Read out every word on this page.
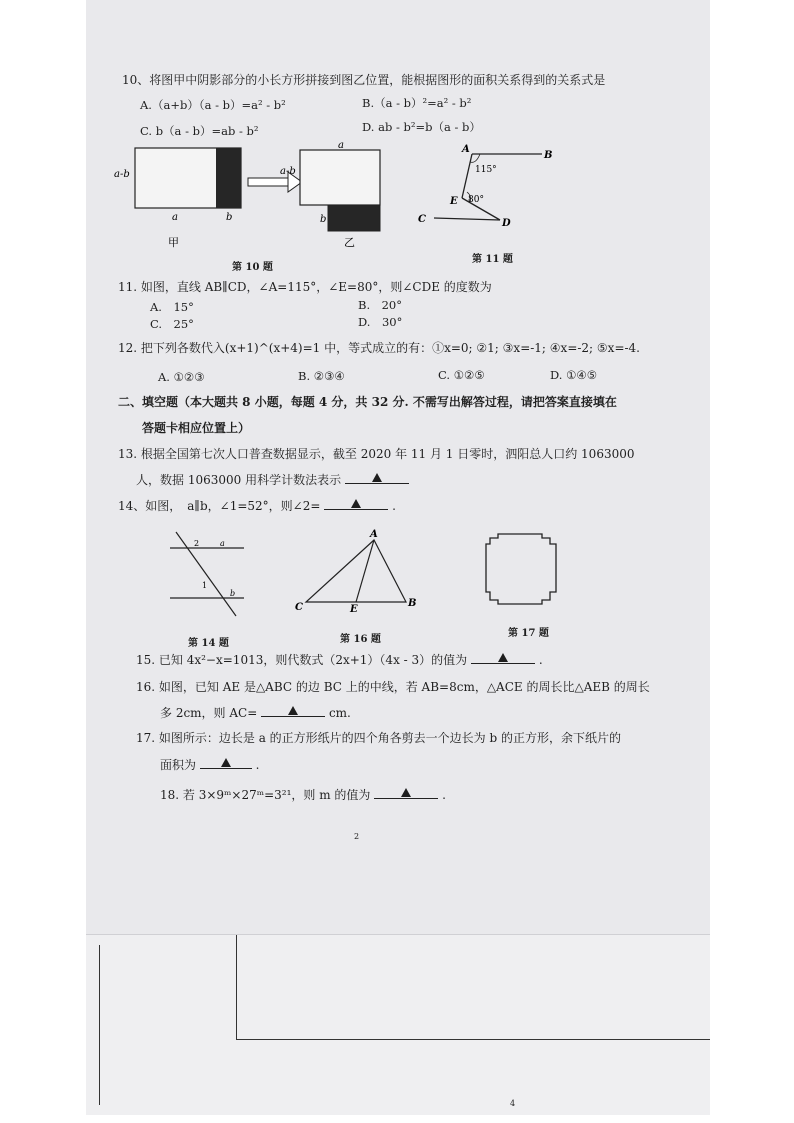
4
10、将图甲中阴影部分的小长方形拼接到图乙位置，能根据图形的面积关系得到的关系式是
A.（a+b）（a - b）=a² - b²	B.（a - b）²=a² - b²
C. b（a - b）=ab - b²	D. ab - b²=b（a - b）
a-b
a	b
甲
a
a-b
b
乙
第 10 题
A
B
C	D
E
115°
80°
第 11 题
11. 如图，直线 AB∥CD，∠A=115°，∠E=80°，则∠CDE 的度数为
A.　15°	B.　20°
C.　25°	D.　30°
12. 把下列各数代入(x+1)^(x+4)=1 中，等式成立的有：①x=0; ②1; ③x=-1; ④x=-2; ⑤x=-4.
A. ①②③	B. ②③④	C. ①②⑤	D. ①④⑤
二、填空题（本大题共 8 小题，每题 4 分，共 32 分. 不需写出解答过程，请把答案直接填在
答题卡相应位置上）
13. 根据全国第七次人口普查数据显示，截至 2020 年 11 月 1 日零时，泗阳总人口约 1063000
人，数据 1063000 用科学计数法表示
14、如图，　a∥b，∠1=52°，则∠2=	.
2
1
a
b
第 14 题
A
C	B
E
第 16 题
第 17 题
15. 已知 4x²−x=1013，则代数式（2x+1）（4x - 3）的值为	.
16. 如图，已知 AE 是△ABC 的边 BC 上的中线，若 AB=8cm，△ACE 的周长比△AEB 的周长
多 2cm，则 AC=	cm.
17. 如图所示：边长是 a 的正方形纸片的四个角各剪去一个边长为 b 的正方形，余下纸片的
面积为	.
18. 若 3×9ᵐ×27ᵐ=3²¹，则 m 的值为	.
2
